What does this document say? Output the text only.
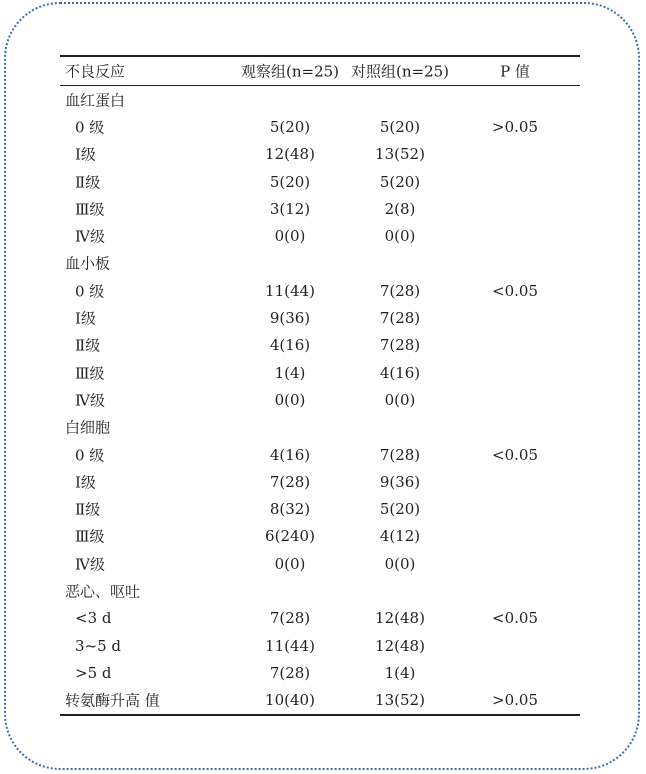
不良反应	观察组(n=25) 对照组(n=25)	P 值
血红蛋白
0 级	5(20)	5(20)	>0.05
Ⅰ级	12(48)	13(52)
Ⅱ级	5(20)	5(20)
Ⅲ级	3(12)	2(8)
Ⅳ级	0(0)	0(0)
血小板
0 级	11(44)	7(28)	<0.05
Ⅰ级	9(36)	7(28)
Ⅱ级	4(16)	7(28)
Ⅲ级	1(4)	4(16)
Ⅳ级	0(0)	0(0)
白细胞
0 级	4(16)	7(28)	<0.05
Ⅰ级	7(28)	9(36)
Ⅱ级	8(32)	5(20)
Ⅲ级	6(240)	4(12)
Ⅳ级	0(0)	0(0)
恶心、呕吐
<3 d	7(28)	12(48)	<0.05
3~5 d	11(44)	12(48)
>5 d	7(28)	1(4)
转氨酶升高 值	10(40)	13(52)	>0.05
